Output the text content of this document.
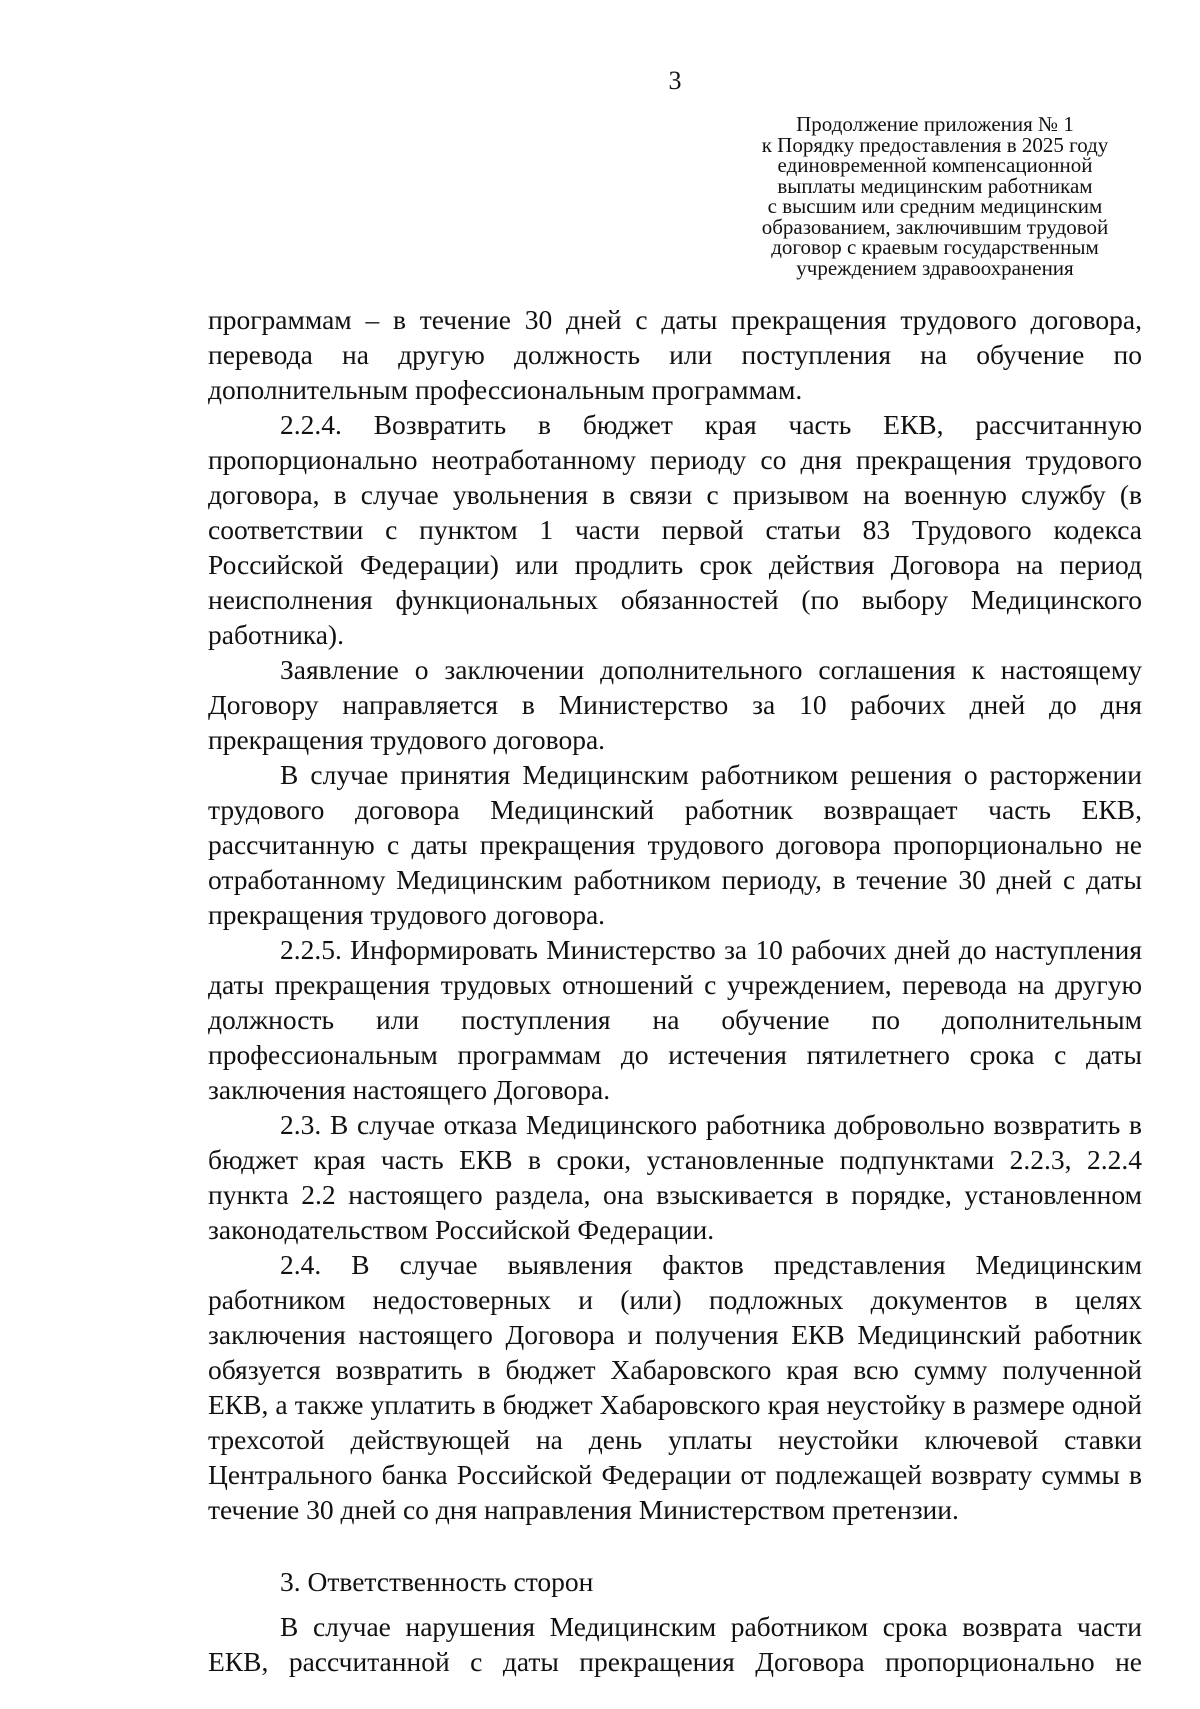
3
Продолжение приложения № 1
к Порядку предоставления в 2025 году
единовременной компенсационной
выплаты медицинским работникам
с высшим или средним медицинским
образованием, заключившим трудовой
договор с краевым государственным
учреждением здравоохранения

программам – в течение 30 дней с даты прекращения трудового договора, перевода на другую должность или поступления на обучение по дополнительным профессиональным программам.

2.2.4. Возвратить в бюджет края часть ЕКВ, рассчитанную пропорционально неотработанному периоду со дня прекращения трудового договора, в случае увольнения в связи с призывом на военную службу (в соответствии с пунктом 1 части первой статьи 83 Трудового кодекса Российской Федерации) или продлить срок действия Договора на период неисполнения функциональных обязанностей (по выбору Медицинского работника).

Заявление о заключении дополнительного соглашения к настоящему Договору направляется в Министерство за 10 рабочих дней до дня прекращения трудового договора.

В случае принятия Медицинским работником решения о расторжении трудового договора Медицинский работник возвращает часть ЕКВ, рассчитанную с даты прекращения трудового договора пропорционально не отработанному Медицинским работником периоду, в течение 30 дней с даты прекращения трудового договора.

2.2.5. Информировать Министерство за 10 рабочих дней до наступления даты прекращения трудовых отношений с учреждением, перевода на другую должность или поступления на обучение по дополнительным профессиональным программам до истечения пятилетнего срока с даты заключения настоящего Договора.

2.3. В случае отказа Медицинского работника добровольно возвратить в бюджет края часть ЕКВ в сроки, установленные подпунктами 2.2.3, 2.2.4 пункта 2.2 настоящего раздела, она взыскивается в порядке, установленном законодательством Российской Федерации.

2.4. В случае выявления фактов представления Медицинским работником недостоверных и (или) подложных документов в целях заключения настоящего Договора и получения ЕКВ Медицинский работник обязуется возвратить в бюджет Хабаровского края всю сумму полученной ЕКВ, а также уплатить в бюджет Хабаровского края неустойку в размере одной трехсотой действующей на день уплаты неустойки ключевой ставки Центрального банка Российской Федерации от подлежащей возврату суммы в течение 30 дней со дня направления Министерством претензии.

3. Ответственность сторон

В случае нарушения Медицинским работником срока возврата части ЕКВ, рассчитанной с даты прекращения Договора пропорционально не
